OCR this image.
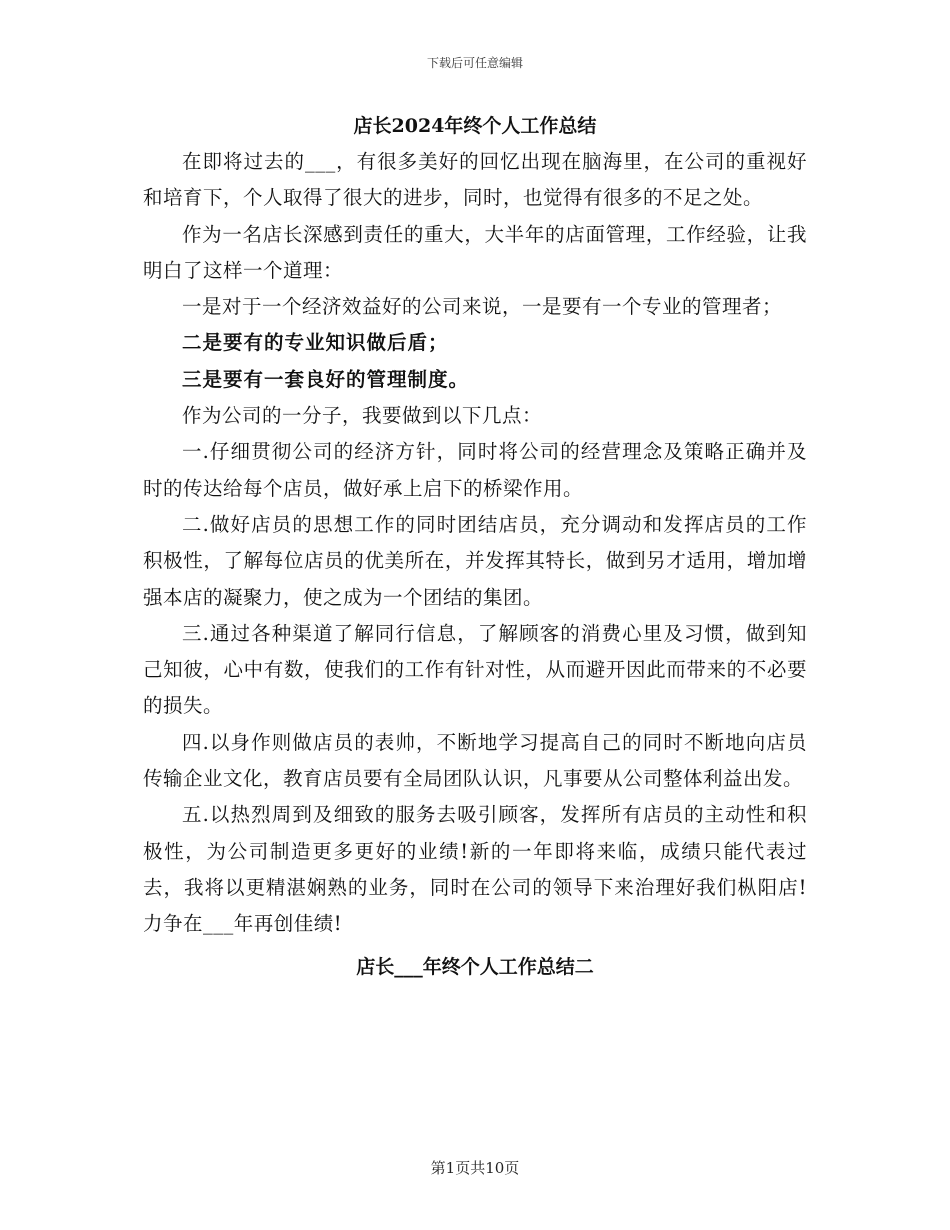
下载后可任意编辑
店长2024年终个人工作总结

在即将过去的___，有很多美好的回忆出现在脑海里，在公司的重视好和培育下，个人取得了很大的进步，同时，也觉得有很多的不足之处。

作为一名店长深感到责任的重大，大半年的店面管理，工作经验，让我明白了这样一个道理：

一是对于一个经济效益好的公司来说，一是要有一个专业的管理者；

二是要有的专业知识做后盾；

三是要有一套良好的管理制度。

作为公司的一分子，我要做到以下几点：

一.仔细贯彻公司的经济方针，同时将公司的经营理念及策略正确并及时的传达给每个店员，做好承上启下的桥梁作用。

二.做好店员的思想工作的同时团结店员，充分调动和发挥店员的工作积极性，了解每位店员的优美所在，并发挥其特长，做到另才适用，增加增强本店的凝聚力，使之成为一个团结的集团。

三.通过各种渠道了解同行信息，了解顾客的消费心里及习惯，做到知己知彼，心中有数，使我们的工作有针对性，从而避开因此而带来的不必要的损失。

四.以身作则做店员的表帅，不断地学习提高自己的同时不断地向店员传输企业文化，教育店员要有全局团队认识，凡事要从公司整体利益出发。

五.以热烈周到及细致的服务去吸引顾客，发挥所有店员的主动性和积极性，为公司制造更多更好的业绩!新的一年即将来临，成绩只能代表过去，我将以更精湛娴熟的业务，同时在公司的领导下来治理好我们枞阳店!力争在___年再创佳绩!

店长___年终个人工作总结二
第1页共10页
